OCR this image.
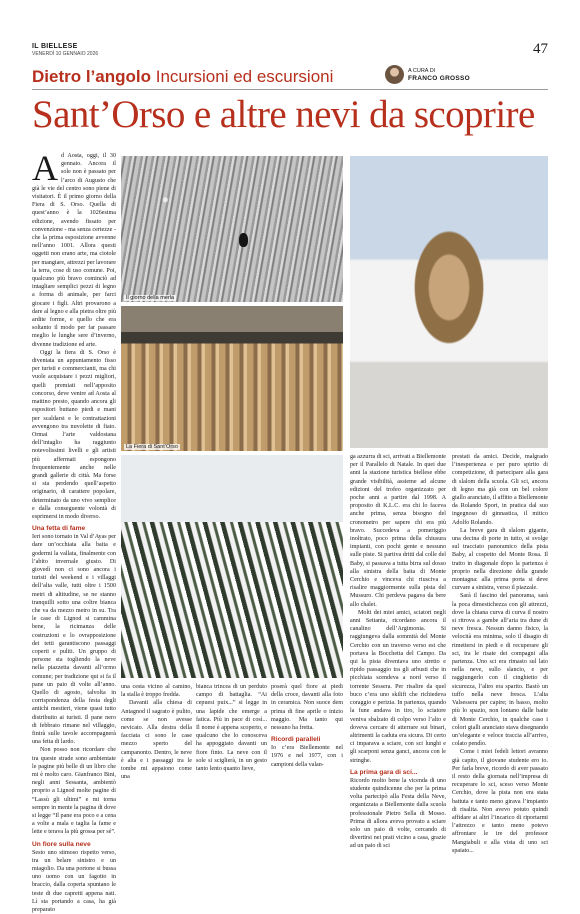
IL BIELLESE
VENERDÌ 10 GENNAIO 2026	47
Dietro l’angolo Incursioni ed escursioni	A CURA DI
FRANCO GROSSO
Sant’Orso e altre nevi da scoprire
A d Aosta, oggi, il 30 gennaio. Ancora il sole non è passato per l’arco di Augusto che già le vie del centro sono piene di visitatori. È il primo giorno della Fiera di S. Orso. Quella di quest’anno è la 1026esima edizione, avendo fissato per convenzione - ma senza certezze - che la prima esposizione avvenne nell’anno 1001. Allora questi oggetti non erano arte, ma ciotole per mangiare, attrezzi per lavorare la terra, cose di uso comune. Poi, qualcuno più bravo cominciò ad intagliare semplici pezzi di legno a forma di animale, per farci giocare i figli. Altri provarono a dare al legno e alla pietra oltre più ardite forme, e quello che era soltanto il modo per far passare meglio le lunghe sere d’inverno, divenne tradizione ed arte.

Oggi la fiera di S. Orso è diventata un appuntamento fisso per turisti e commercianti, ma chi vuole acquistare i pezzi migliori, quelli premiati nell’apposito concorso, deve venire ad Aosta al mattino presto, quando ancora gli espositori buttano piedi e mani per scaldarsi e le contrattazioni avvengono tra nuvolette di fiato. Ormai l’arte valdostana dell’intaglio ha raggiunto notevolissimi livelli e gli artisti più affermati espongono frequentemente anche nelle grandi gallerie di città. Ma forse si sta perdendo quell’aspetto originario, di carattere popolare, determinato da uno vivo semplice e dalla conseguente volontà di esprimersi in modo diverso.

Una fetta di fame

Ieri sono tornato in Val d’Ayas per dare un’occhiata alla baita e godermi la vallata, finalmente con l’abito invernale giusto. Di giovedì non ci sono ancora i turisti del weekend e i villaggi dell’alta valle, tutti oltre i 1500 metri di altitudine, se ne stanno tranquilli sotto una coltre bianca che va da mezzo metro in su. Tra le case di Lignod si cammina bene, la ricimanza delle costruzioni e lo ovrapposizione dei tetti garantiscono passaggi coperti e puliti. Un gruppo di persone sta togliendo la neve nella piazzetta davanti all’ormo comune; per tradizione qui si fa il pane un paio di volte all’anno. Quello di agosto, talvolta in corrispondenza della festa degli antichi mestieri, viene quasi tutto distribuito ai turisti. Il pane nero di febbraio rimane nel villaggio, finirà sulle tavole accompagnerà una fetta di lardo.

Non posso non ricordare che tra queste strade sono ambientate le pagine più belle di un libro che mi è molto caro. Gianfranco Bini, negli anni Sessanta, ambientò proprio a Lignod molte pagine di “Lassù gli ultimi” e mi torna sempre in mente la pagina di dove si legge “Il pane era poco e a cena a volte a mala e taglia la fame e lette e terava la più grossa per sé”.

Un fiore sulla neve

Sesto uno stimoso rispetto verso, tra un belare sinistro e un miagolio. Da una portone si bussa uno uomo con un fagotto in braccio, dalla coperta spuntano le teste di due capretti appena nati. Lì sta portando a casa, ha già preparato

Il giorno della merla
La Fiera di Sant’Orso

una cesta vicino al camino, la stalla è troppo fredda.

Davanti alla chiesa di Antagnod il sagrato è pulito, come se non avesse nevicato. Alla destra della facciata ci sono le case mezzo sperto del campanonto. Dentro, le neve è alta e i passaggi tra le tombe mi appaiono come una

bianca trincea di un perduto campo di battaglia. “Ai cepuesi puix...” si legge in una lapide che emerge a fatica. Più in pace di così... Il nome è appena scoperto, e qualcuno che lo conosceva ha appoggiato davanti un fiore finto. La neve con il sole si sciglierà, in un gesto tanto lento quanto lieve,

poserà quel fiore ai piedi della croce, davanti alla foto in ceramica. Non suoce dem prima di fine aprile o inizio maggio. Ma tanto qui nessuno ha fretta.

Ricordi paralleli

Io c’era Biellemonte nel 1976 e nel 1977, con i campioni della valan-

ga azzurra di sci, arrivati a Biellemonte per il Parallelo di Natale. In quei due anni la stazione turistica biellese ebbe grande visibilità, assieme ad alcune edizioni del trofeo organizzato per poche anni a partire dal 1998. A proposito di K.L.C. era chi lo faceva anche prima, senza bisogno del cronometro per sapere chi era più bravo. Succedeva a pomeriggio inoltrato, poco prima della chiusura impianti, con pochi gente e nessuno sulle piste. Si partiva dritti dal colle del Baby, si passava a tutta birra sul dosso alla sinistra della baita di Monte Cerchio e vinceva chi riusciva a risalire maggiormente sulla pista del Mussuro. Chi perdeva pagava da bere allo chalet.

Molti dei miei amici, sciatori negli anni Settanta, ricordano ancora il canalino dell’Argimonia. Si raggiungeva dalla sommità del Monte Cerchio con un traverso verso est che portava la Bocchetta del Campo. Da qui la pista diventava uno stretto e ripido passaggio tra gli arbusti che in picchiata scendeva a nord verso il torrente Sessera. Per risalire da quel buco c’era uno skilift che richiedeva coraggio e perizia. In partenza, quando la fune andava in tiro, lo sciatore veniva sbalzato di colpo verso l’alto e doveva cercare di atterrare sui binari, altrimenti la caduta era sicura. Di certo ci imparava a sciare, con sci lunghi e gli scarponi senza ganci, ancora con le stringhe.

La prima gara di sci...

Ricordo molto bene la vicenda di uno studente quindicenne che per la prima volta partecipò alla Festa della Neve, organizzata a Biellemonte dalla scuola professionale Pietro Sella di Mosso. Prima di allora aveva provato a sciare solo un paio di volte, cercando di divertirsi nei prati vicino a casa, grazie ad un paio di sci

prestati da amici. Decide, malgrado l’inesperienza e per puro spirito di competizione, di partecipare alla gara di slalom della scuola. Gli sci, ancora di legno ma già con un bel colore giallo aranciato, il affitto a Biellemonte da Rolando Sport, in pratica dal suo ingegnoso di ginnastica, il mitico Adolfo Rolando.

La breve gara di slalom gigante, una decina di porte in tutto, si svolge sul tracciato panoramico della pista Baby, al cospetto del Monte Rosa. Il tratto in diagonale dopo la partenza è proprio nella direzione della grande montagna: alla prima porta si deve curvare a sinistra, verso il piazzale.

Sarà il fascino del panorama, sarà la poca dimestichezza con gli attrezzi, dove la chiana curva di curva il nostro si ritrova a gambe all’aria tra dune di neve fresca. Nessun danno fisico, la velocità era minima, solo il disagio di rimettersi in piedi e di recuperare gli sci, tra le risate dei compagni alla partenza. Uno sci era rimasto sul lato nella neve, sullo slancio, e per raggiungerlo con il cinghietto di sicurezza, l’altro era sparito. Bastò un tuffo nella neve fresca. L’alta Valsessera per capire; in basso, molto più lo spazio, non lontano dalle baite di Monte Cerchio, in qualche caso i colori gialli aranciato stava disegnando un’elegante e veloce traccia all’arrivo, colato pendìo.

Come i miei fedeli lettori avranno già capito, il giovane studente ero io. Per farla breve, ricordo di aver passato il resto della giornata nell’impresa di recuperare lo sci, sceso verso Monte Cerchio, dove la pista non era stata battuta e tanto meno girava l’impianto di risalita. Non avevo potuto quindi affidare ai altri l’incarico di riportarmi l’attrezzo e tanto meno potevo affrontare le ire del professor Mangiabuli e alla vista di uno sci spaiato...
